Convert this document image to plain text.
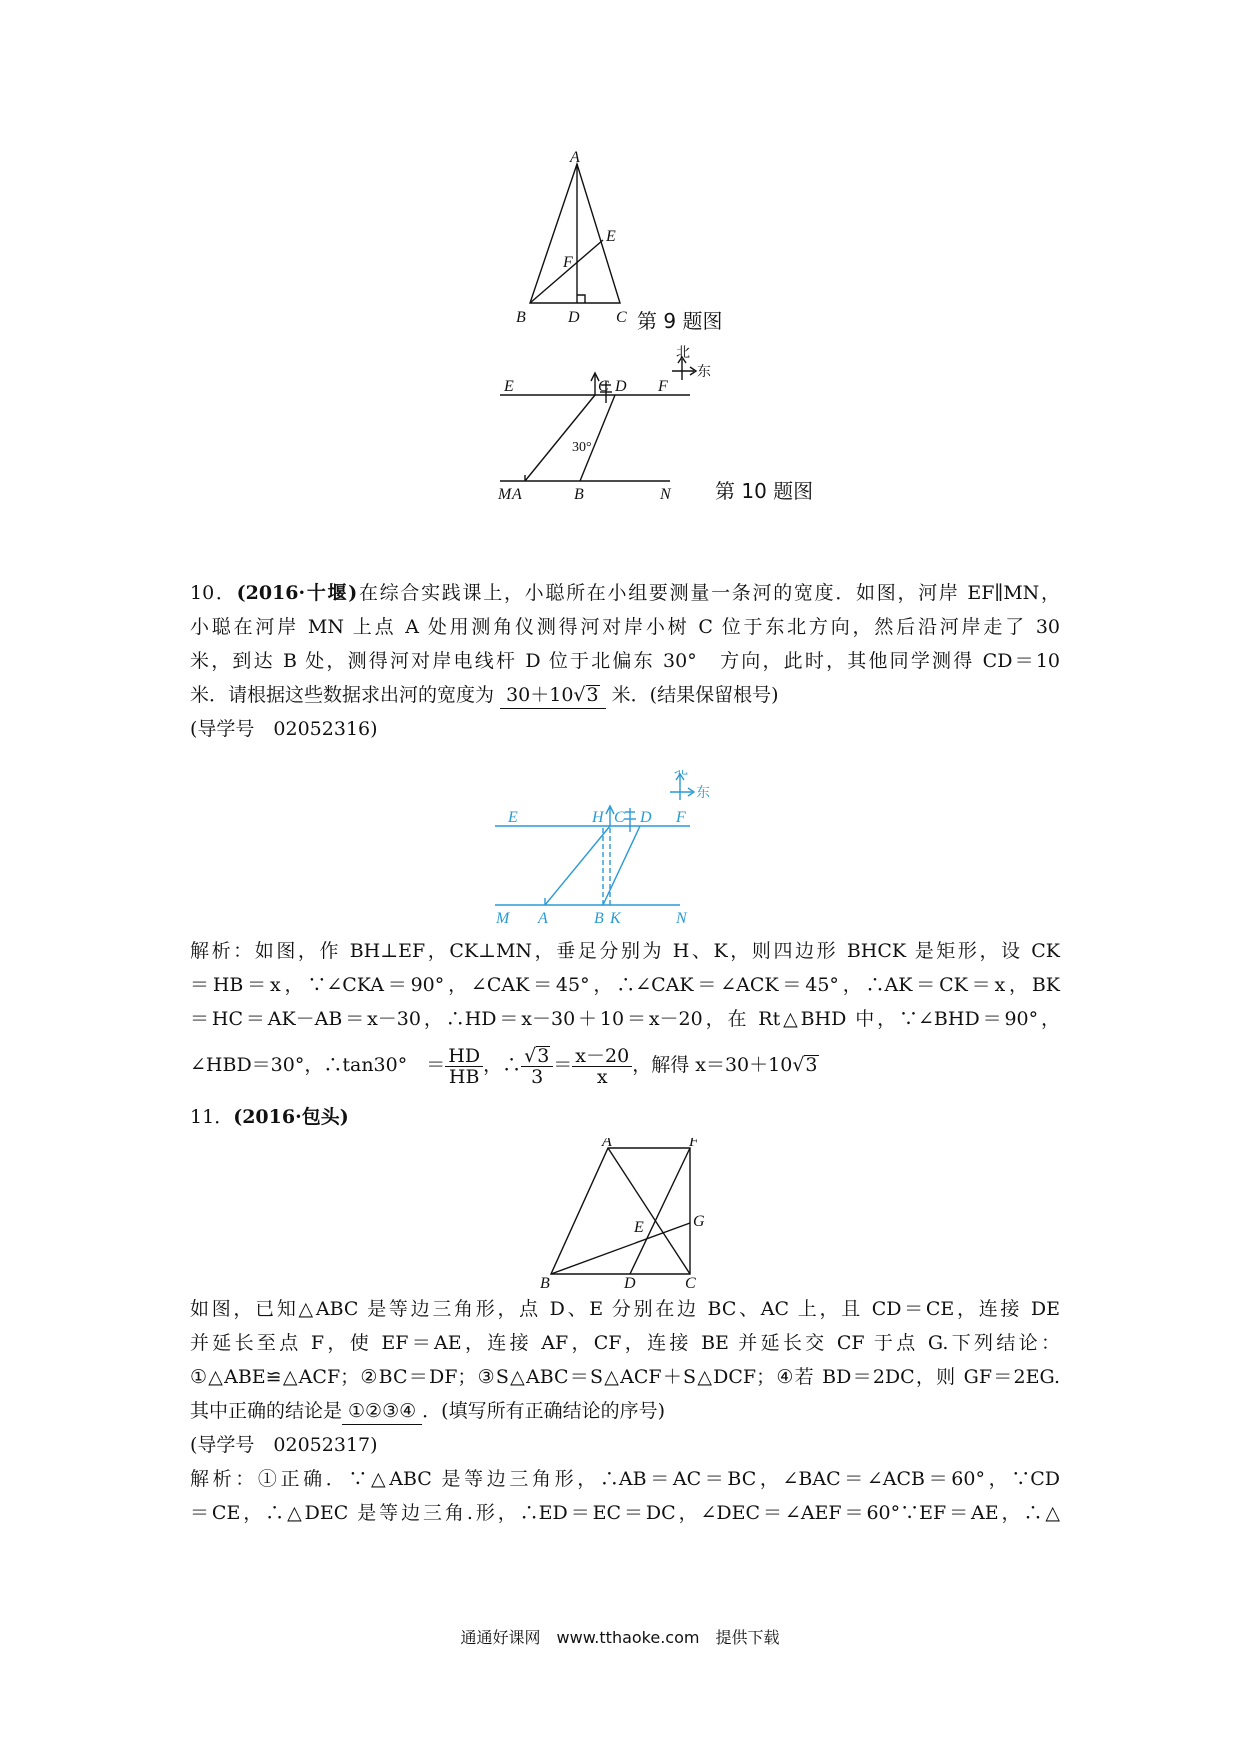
A
B	D C
E
F
第 9 题图
E	C D F
M A	B	N
30°
北
东
第 10 题图
10．(2016·十堰)在综合实践课上，小聪所在小组要测量一条河的宽度．如图，河岸 EF∥MN，
小聪在河岸 MN 上点 A 处用测角仪测得河对岸小树 C 位于东北方向，然后沿河岸走了 30
米，到达 B 处，测得河对岸电线杆 D 位于北偏东 30°　方向，此时，其他同学测得 CD＝10
米．请根据这些数据求出河的宽度为 30＋10√3 米．(结果保留根号)
(导学号　02052316)
E	H C D F
M A	B K	N
北
东
解析：如图，作 BH⊥EF，CK⊥MN，垂足分别为 H、K，则四边形 BHCK 是矩形，设 CK
＝HB＝x，∵∠CKA＝90°，∠CAK＝45°，∴∠CAK＝∠ACK＝45°，∴AK＝CK＝x，BK
＝HC＝AK－AB＝x－30，∴HD＝x－30＋10＝x－20，在 Rt△BHD 中，∵∠BHD＝90°，
∠HBD＝30°，∴tan30°　＝ $\frac{HD}{HB}$ ，∴ $\frac{√3}{3} = \frac{x-20}{x}$ ，解得 x＝30＋10√3
11．(2016·包头)
A	F
G
E
B	D	C
如图，已知△ABC 是等边三角形，点 D、E 分别在边 BC、AC 上，且 CD＝CE，连接 DE
并延长至点 F，使 EF＝AE，连接 AF，CF，连接 BE 并延长交 CF 于点 G.下列结论：
①△ABE≌△ACF；②BC＝DF；③S△ABC＝S△ACF＋S△DCF；④若 BD＝2DC，则 GF＝2EG.
其中正确的结论是 ①②③④ ．(填写所有正确结论的序号)
(导学号　02052317)
解析：①正确．∵△ABC 是等边三角形，∴AB＝AC＝BC，∠BAC＝∠ACB＝60°，∵CD
＝CE，∴△DEC 是等边三角.形，∴ED＝EC＝DC，∠DEC＝∠AEF＝60°∵EF＝AE，∴△
通通好课网　www.tthaoke.com　提供下载
